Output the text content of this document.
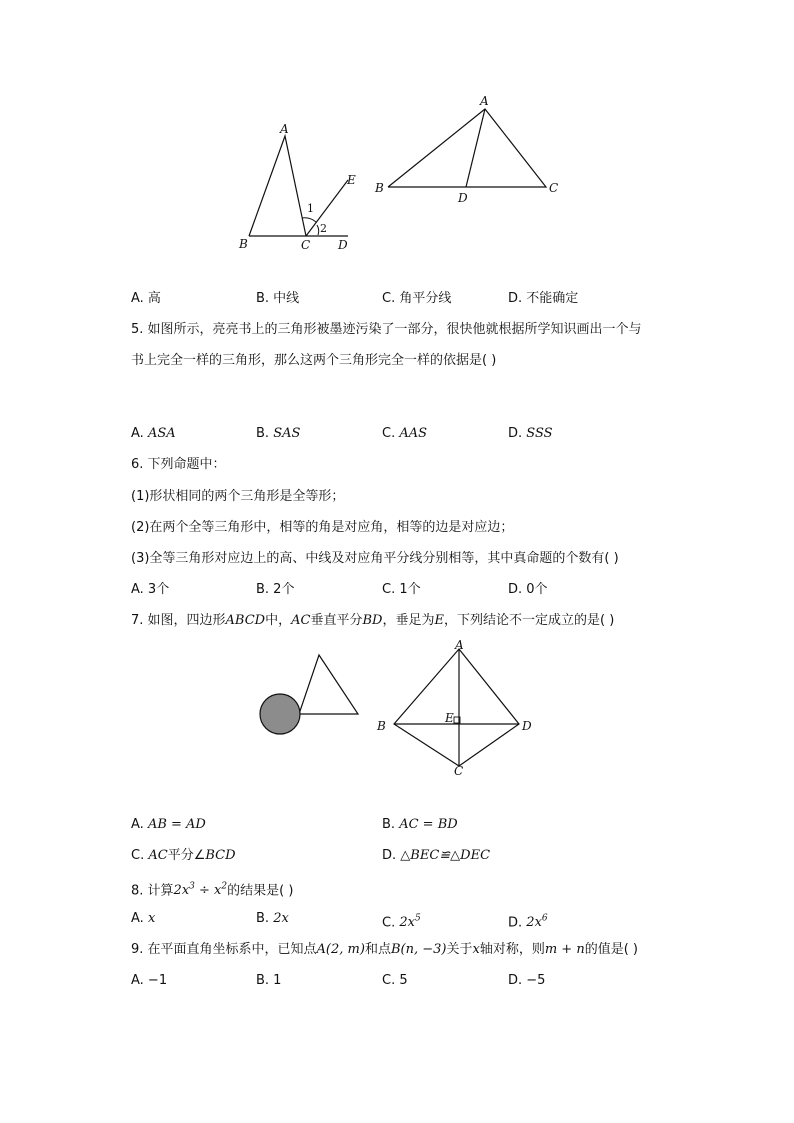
A
B	C D
E
1
2
A
B
D
C
A. 高	B. 中线	C. 角平分线	D. 不能确定
5. 如图所示，亮亮书上的三角形被墨迹污染了一部分，很快他就根据所学知识画出一个与
书上完全一样的三角形，那么这两个三角形完全一样的依据是( )
A. ASA	B. SAS	C. AAS	D. SSS
6. 下列命题中：
(1)形状相同的两个三角形是全等形；
(2)在两个全等三角形中，相等的角是对应角，相等的边是对应边；
(3)全等三角形对应边上的高、中线及对应角平分线分别相等，其中真命题的个数有( )
A. 3个	B. 2个	C. 1个	D. 0个
7. 如图，四边形ABCD中，AC垂直平分BD，垂足为E，下列结论不一定成立的是( )
A
B
C
D
E
A. AB = AD	B. AC = BD
C. AC平分∠BCD	D. △BEC≌△DEC
8. 计算$2x^3 \div x^2$的结果是( )
A. x	B. 2x	C. $2x^5$	D. $2x^6$
9. 在平面直角坐标系中，已知点A(2, m)和点B(n, −3)关于x轴对称，则m + n的值是( )
A. −1	B. 1	C. 5	D. −5
